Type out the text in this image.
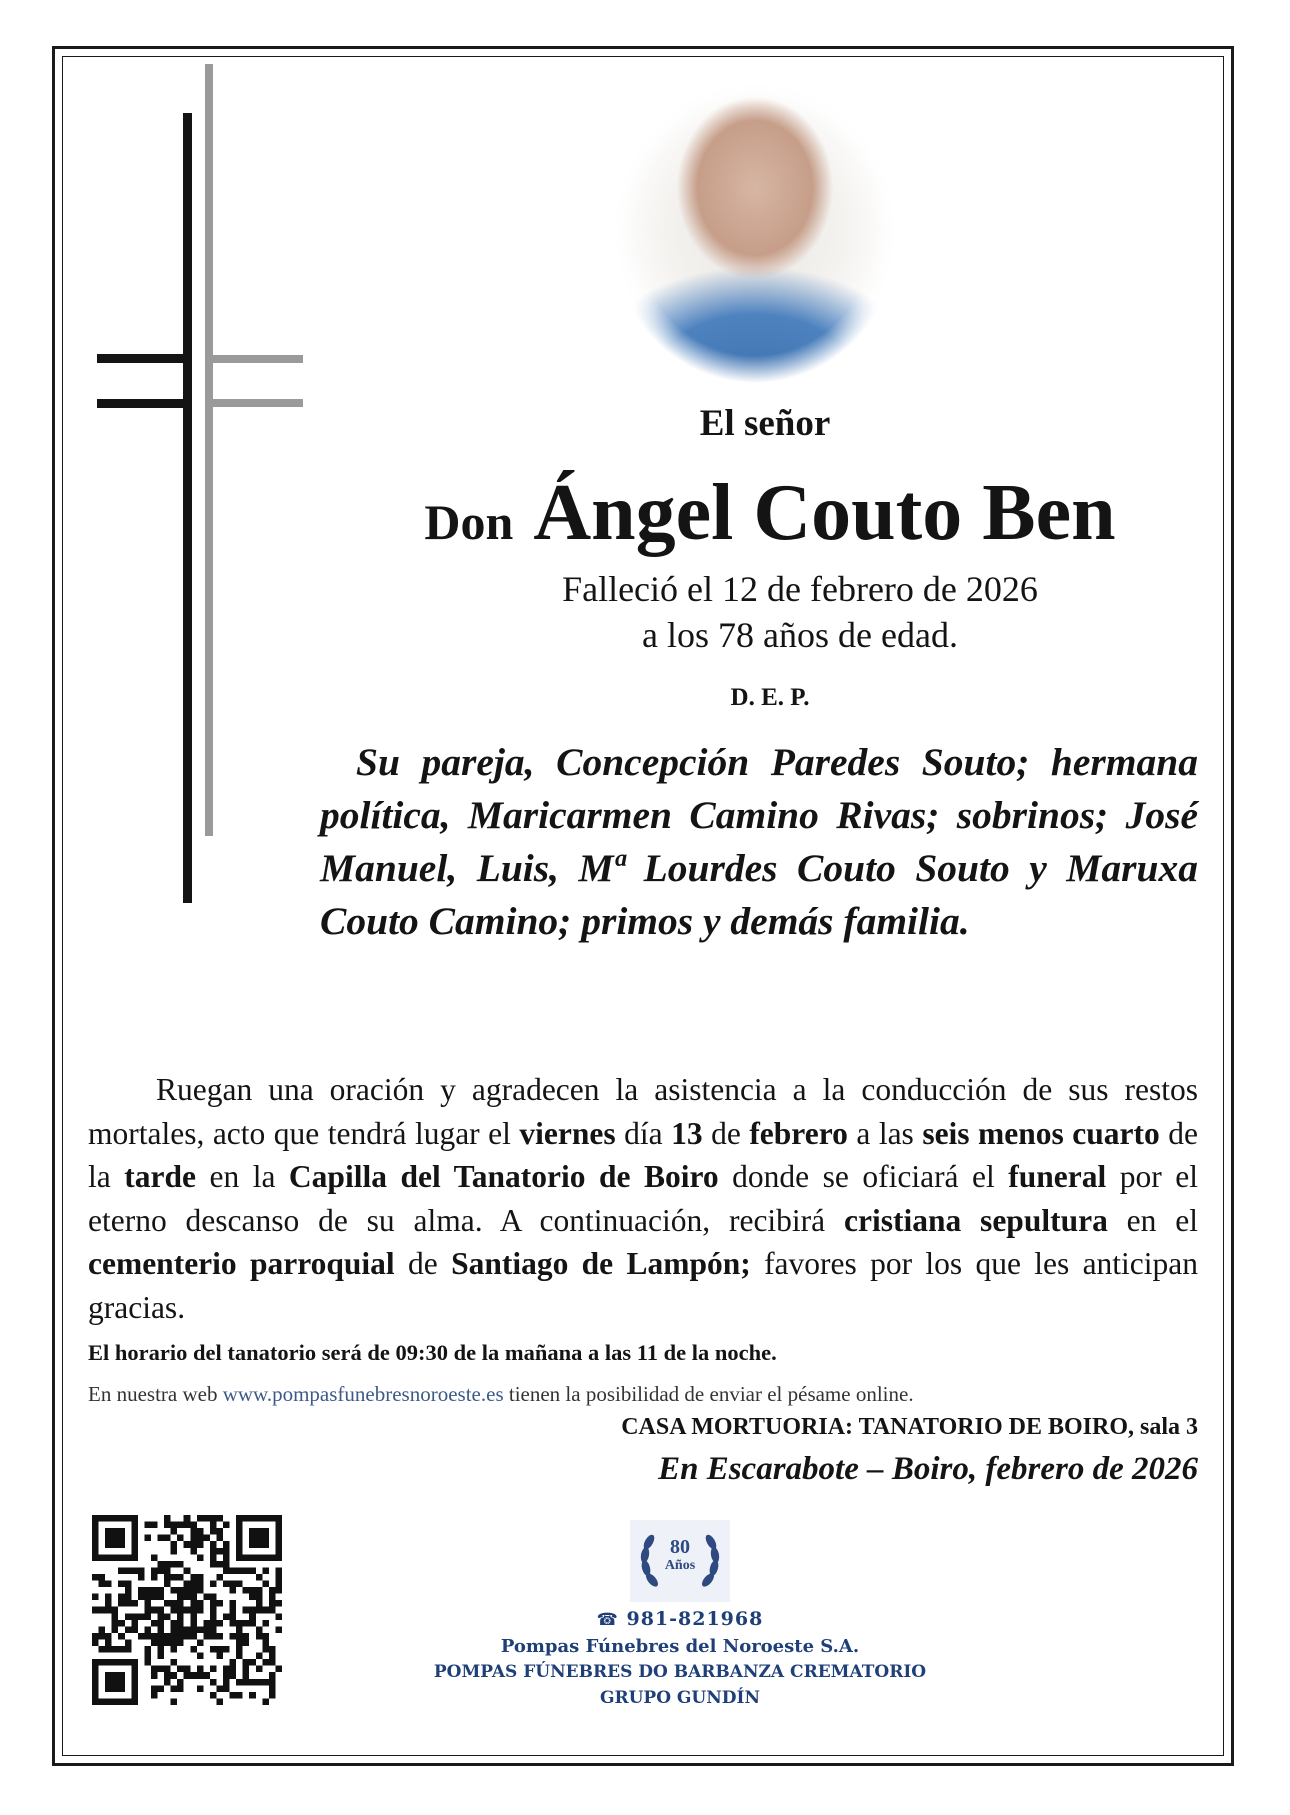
El señor
Don Ángel Couto Ben
Falleció el 12 de febrero de 2026
a los 78 años de edad.
D. E. P.

Su pareja, Concepción Paredes Souto; hermana política, Maricarmen Camino Rivas; sobrinos; José Manuel, Luis, Mª Lourdes Couto Souto y Maruxa Couto Camino; primos y demás familia.

Ruegan una oración y agradecen la asistencia a la conducción de sus restos mortales, acto que tendrá lugar el viernes día 13 de febrero a las seis menos cuarto de la tarde en la Capilla del Tanatorio de Boiro donde se oficiará el funeral por el eterno descanso de su alma. A continuación, recibirá cristiana sepultura en el cementerio parroquial de Santiago de Lampón; favores por los que les anticipan gracias.

El horario del tanatorio será de 09:30 de la mañana a las 11 de la noche.

En nuestra web www.pompasfunebresnoroeste.es tienen la posibilidad de enviar el pésame online.

CASA MORTUORIA: TANATORIO DE BOIRO, sala 3
En Escarabote – Boiro, febrero de 2026
80
Años
☎ 981-821968
Pompas Fúnebres del Noroeste S.A.
POMPAS FÚNEBRES DO BARBANZA CREMATORIO
GRUPO GUNDÍN
